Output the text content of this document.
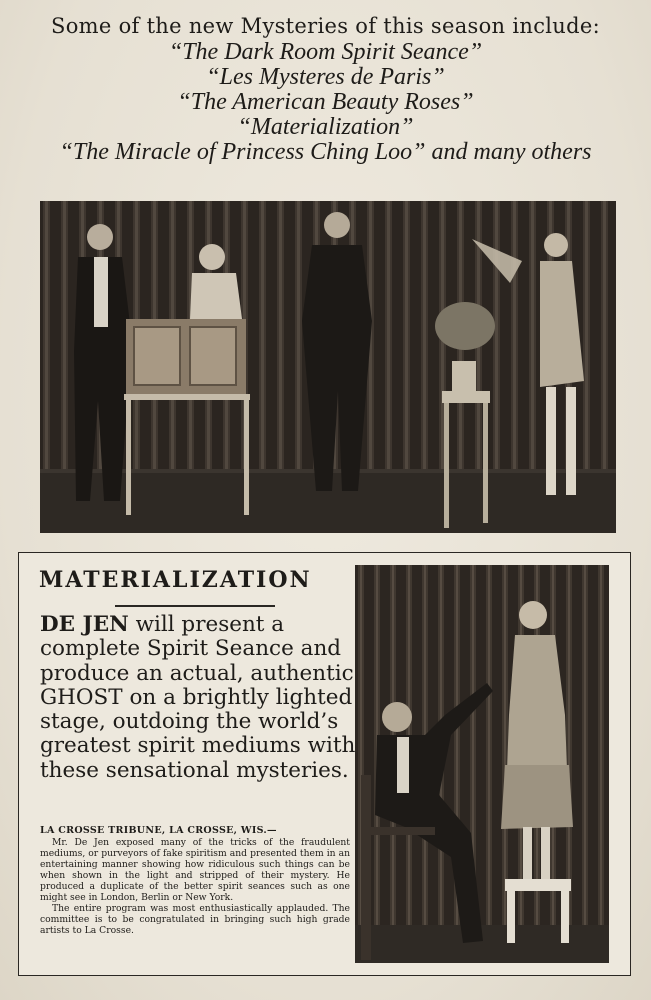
Some of the new Mysteries of this season include:

“The Dark Room Spirit Seance”

“Les Mysteres de Paris”

“The American Beauty Roses”

“Materialization”

“The Miracle of Princess Ching Loo” and many others

MATERIALIZATION

DE JEN will present a complete Spirit Seance and produce an actual, authentic GHOST on a brightly lighted stage, outdoing the world’s greatest spirit mediums with these sensational mysteries.

LA CROSSE TRIBUNE, LA CROSSE, WIS.—

Mr. De Jen exposed many of the tricks of the fraudulent mediums, or purveyors of fake spiritism and presented them in an entertaining manner showing how ridiculous such things can be when shown in the light and stripped of their mystery. He produced a duplicate of the better spirit seances such as one might see in London, Berlin or New York.

The entire program was most enthusiastically applauded. The committee is to be congratulated in bringing such high grade artists to La Crosse.
